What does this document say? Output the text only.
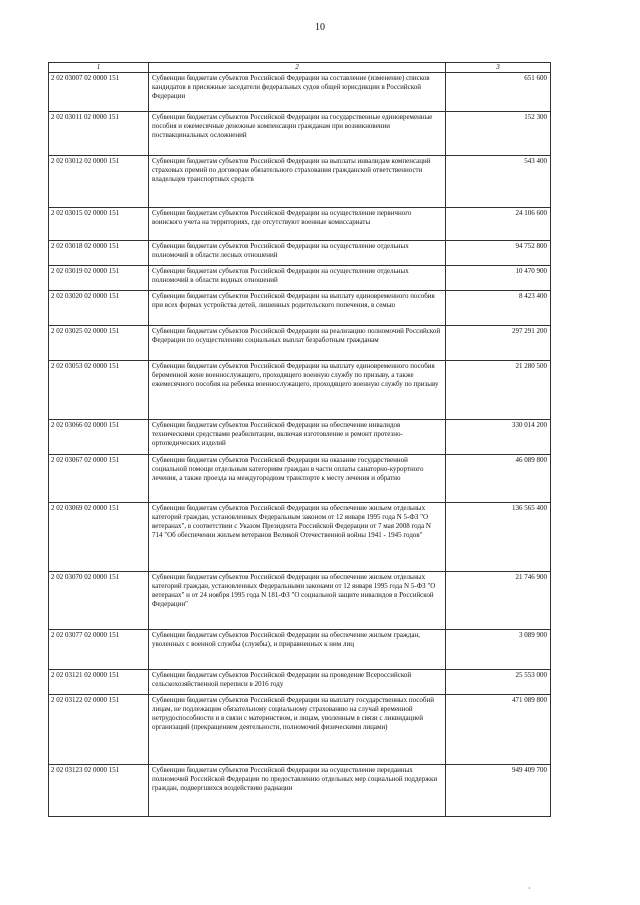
10
1	2	3
2 02 03007 02 0000 151	Субвенции бюджетам субъектов Российской Федерации на составление (изменение) списков кандидатов в присяжные заседатели федеральных судов общей юрисдикции в Российской Федерации	651 600
2 02 03011 02 0000 151	Субвенции бюджетам субъектов Российской Федерации на государственные единовременные пособия и ежемесячные денежные компенсации гражданам при возникновении поствакцинальных осложнений	152 300
2 02 03012 02 0000 151	Субвенции бюджетам субъектов Российской Федерации на выплаты инвалидам компенсаций страховых премий по договорам обязательного страхования гражданской ответственности владельцев транспортных средств	543 400
2 02 03015 02 0000 151	Субвенции бюджетам субъектов Российской Федерации на осуществление первичного воинского учета на территориях, где отсутствуют военные комиссариаты	24 106 600
2 02 03018 02 0000 151	Субвенции бюджетам субъектов Российской Федерации на осуществление отдельных полномочий в области лесных отношений	94 752 800
2 02 03019 02 0000 151	Субвенции бюджетам субъектов Российской Федерации на осуществление отдельных полномочий в области водных отношений	10 470 900
2 02 03020 02 0000 151	Субвенции бюджетам субъектов Российской Федерации на выплату единовременного пособия при всех формах устройства детей, лишенных родительского попечения, в семью	8 423 400
2 02 03025 02 0000 151	Субвенции бюджетам субъектов Российской Федерации на реализацию полномочий Российской Федерации по осуществлению социальных выплат безработным гражданам	297 291 200
2 02 03053 02 0000 151	Субвенции бюджетам субъектов Российской Федерации на выплату единовременного пособия беременной жене военнослужащего, проходящего военную службу по призыву, а также ежемесячного пособия на ребенка военнослужащего, проходящего военную службу по призыву	21 280 500
2 02 03066 02 0000 151	Субвенции бюджетам субъектов Российской Федерации на обеспечение инвалидов техническими средствами реабилитации, включая изготовление и ремонт протезно-ортопедических изделий	330 014 200
2 02 03067 02 0000 151	Субвенции бюджетам субъектов Российской Федерации на оказание государственной социальной помощи отдельным категориям граждан в части оплаты санаторно-курортного лечения, а также проезда на междугородном транспорте к месту лечения и обратно	46 089 800
2 02 03069 02 0000 151	Субвенции бюджетам субъектов Российской Федерации на обеспечение жильем отдельных категорий граждан, установленных Федеральным законом от 12 января 1995 года N 5-ФЗ "О ветеранах", в соответствии с Указом Президента Российской Федерации от 7 мая 2008 года N 714 "Об обеспечении жильем ветеранов Великой Отечественной войны 1941 - 1945 годов"	136 565 400
2 02 03070 02 0000 151	Субвенции бюджетам субъектов Российской Федерации на обеспечение жильем отдельных категорий граждан, установленных Федеральными законами от 12 января 1995 года N 5-ФЗ "О ветеранах" и от 24 ноября 1995 года N 181-ФЗ "О социальной защите инвалидов в Российской Федерации"	21 746 900
2 02 03077 02 0000 151	Субвенции бюджетам субъектов Российской Федерации на обеспечение жильем граждан, уволенных с военной службы (службы), и приравненных к ним лиц	3 089 900
2 02 03121 02 0000 151	Субвенции бюджетам субъектов Российской Федерации на проведение Всероссийской сельскохозяйственной переписи в 2016 году	25 553 000
2 02 03122 02 0000 151	Субвенции бюджетам субъектов Российской Федерации на выплату государственных пособий лицам, не подлежащим обязательному социальному страхованию на случай временной нетрудоспособности и в связи с материнством, и лицам, уволенным в связи с ликвидацией организаций (прекращением деятельности, полномочий физическими лицами)	471 089 800
2 02 03123 02 0000 151	Субвенции бюджетам субъектов Российской Федерации на осуществление переданных полномочий Российской Федерации по предоставлению отдельных мер социальной поддержки граждан, подвергшихся воздействию радиации	949 409 700
·
